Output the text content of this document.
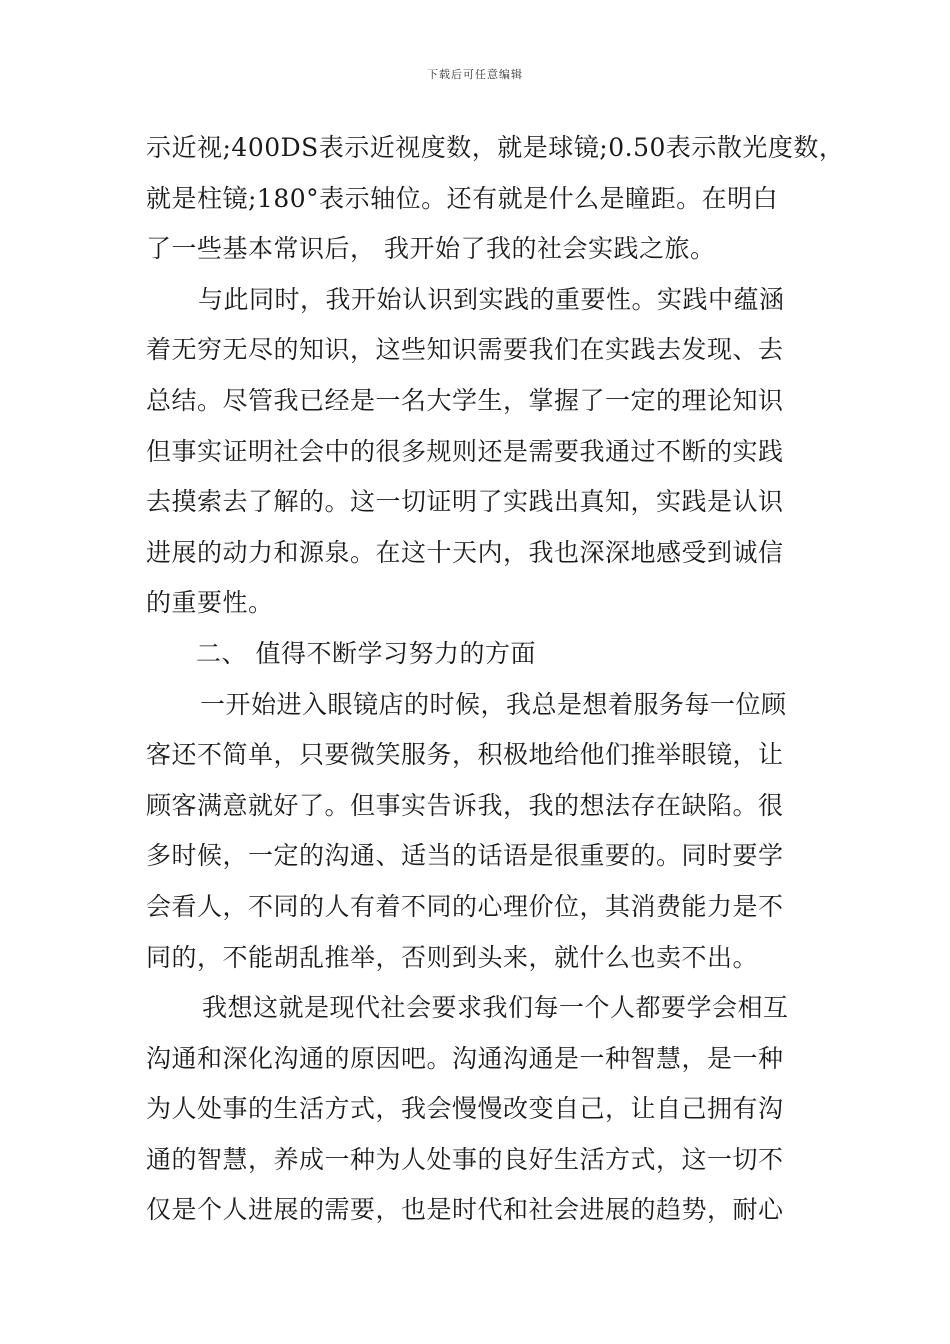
下载后可任意编辑
示近视;400DS表示近视度数，就是球镜;0.50表示散光度数，
就是柱镜;180°表示轴位。还有就是什么是瞳距。在明白
了一些基本常识后， 我开始了我的社会实践之旅。
与此同时，我开始认识到实践的重要性。实践中蕴涵
着无穷无尽的知识，这些知识需要我们在实践去发现、去
总结。尽管我已经是一名大学生，掌握了一定的理论知识
但事实证明社会中的很多规则还是需要我通过不断的实践
去摸索去了解的。这一切证明了实践出真知，实践是认识
进展的动力和源泉。在这十天内，我也深深地感受到诚信
的重要性。
二、 值得不断学习努力的方面
一开始进入眼镜店的时候，我总是想着服务每一位顾
客还不简单，只要微笑服务，积极地给他们推举眼镜，让
顾客满意就好了。但事实告诉我，我的想法存在缺陷。很
多时候，一定的沟通、适当的话语是很重要的。同时要学
会看人，不同的人有着不同的心理价位，其消费能力是不
同的，不能胡乱推举，否则到头来，就什么也卖不出。
我想这就是现代社会要求我们每一个人都要学会相互
沟通和深化沟通的原因吧。沟通沟通是一种智慧，是一种
为人处事的生活方式，我会慢慢改变自己，让自己拥有沟
通的智慧，养成一种为人处事的良好生活方式，这一切不
仅是个人进展的需要，也是时代和社会进展的趋势，耐心
